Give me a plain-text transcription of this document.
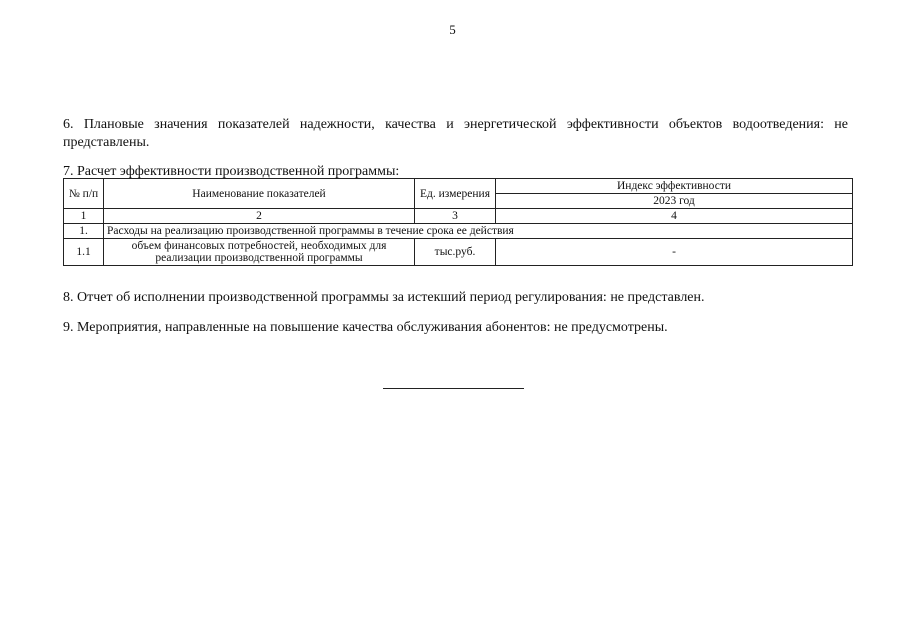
5
6. Плановые значения показателей надежности, качества и энергетической эффективности объектов водоотведения: не представлены.
7. Расчет эффективности производственной программы:
№ п/п	Наименование показателей	Ед. измерения	Индекс эффективности
			2023 год
1	2	3	4
1.	Расходы на реализацию производственной программы в течение срока ее действия		
1.1	объем финансовых потребностей, необходимых для реализации производственной программы	тыс.руб.	-
8. Отчет об исполнении производственной программы за истекший период регулирования: не представлен.
9. Мероприятия, направленные на повышение качества обслуживания абонентов: не предусмотрены.
